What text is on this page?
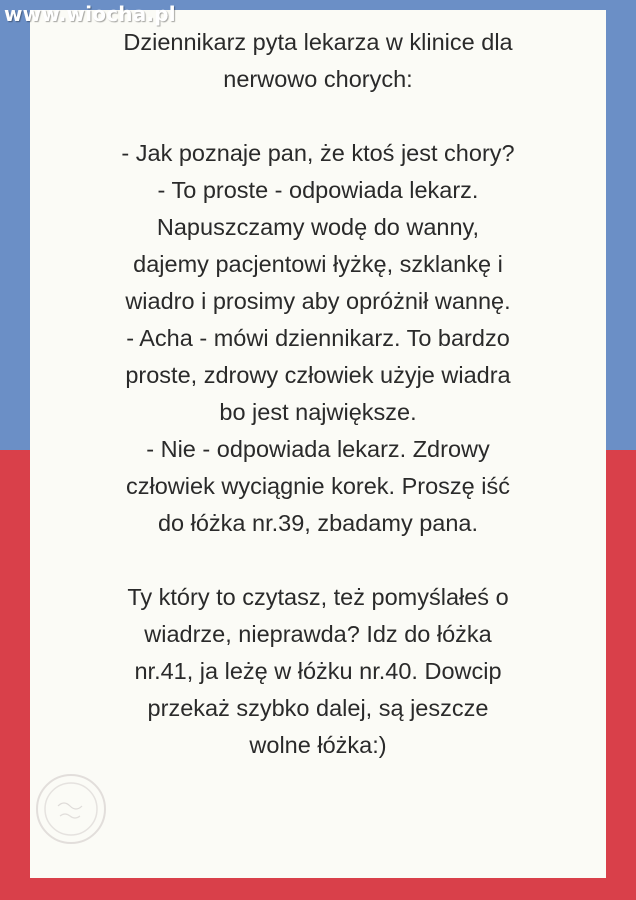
www.wiocha.pl
Dziennikarz pyta lekarza w klinice dla
nerwowo chorych:
- Jak poznaje pan, że ktoś jest chory?
- To proste - odpowiada lekarz.
Napuszczamy wodę do wanny,
dajemy pacjentowi łyżkę, szklankę i
wiadro i prosimy aby opróżnił wannę.
- Acha - mówi dziennikarz. To bardzo
proste, zdrowy człowiek użyje wiadra
bo jest największe.
- Nie - odpowiada lekarz. Zdrowy
człowiek wyciągnie korek. Proszę iść
do łóżka nr.39, zbadamy pana.
Ty który to czytasz, też pomyślałeś o
wiadrze, nieprawda? Idz do łóżka
nr.41, ja leżę w łóżku nr.40. Dowcip
przekaż szybko dalej, są jeszcze
wolne łóżka:)
